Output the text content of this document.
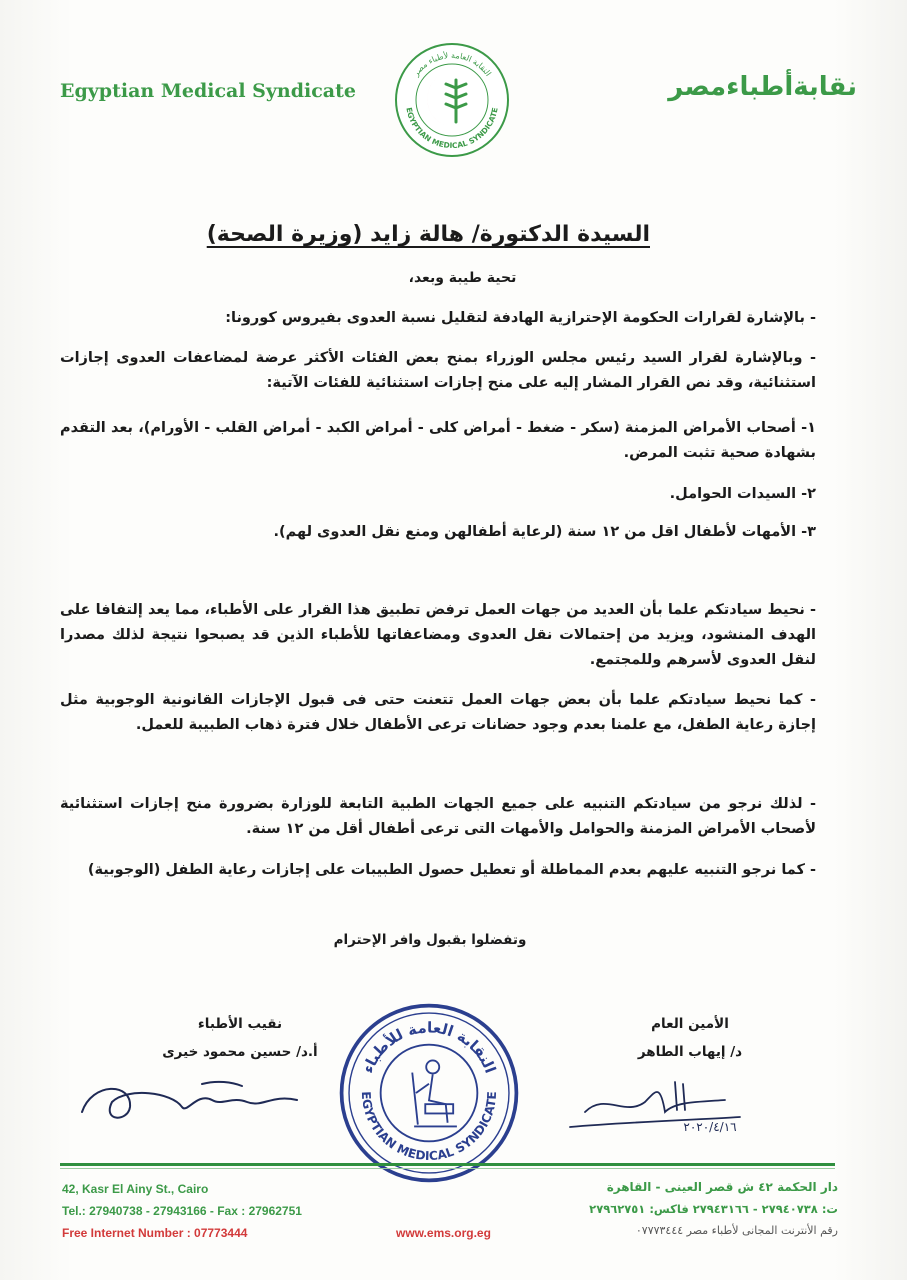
Egyptian Medical Syndicate
النقابة العامة لأطباء مصر
EGYPTIAN MEDICAL SYNDICATE
نقابةأطباءمصر
السيدة الدكتورة/ هالة زايد (وزيرة الصحة)
تحية طيبة وبعد،
- بالإشارة لقرارات الحكومة الإحترازية الهادفة لتقليل نسبة العدوى بفيروس كورونا:
- وبالإشارة لقرار السيد رئيس مجلس الوزراء بمنح بعض الفئات الأكثر عرضة لمضاعفات العدوى إجازات استثنائية، وقد نص القرار المشار إليه على منح إجازات استثنائية للفئات الآتية:
١- أصحاب الأمراض المزمنة (سكر - ضغط - أمراض كلى - أمراض الكبد - أمراض القلب - الأورام)، بعد التقدم بشهادة صحية تثبت المرض.
٢- السيدات الحوامل.
٣- الأمهات لأطفال اقل من ١٢ سنة (لرعاية أطفالهن ومنع نقل العدوى لهم).
- نحيط سيادتكم علما بأن العديد من جهات العمل ترفض تطبيق هذا القرار على الأطباء، مما يعد إلتفافا على الهدف المنشود، ويزيد من إحتمالات نقل العدوى ومضاعفاتها للأطباء الذين قد يصبحوا نتيجة لذلك مصدرا لنقل العدوى لأسرهم وللمجتمع.
- كما نحيط سيادتكم علما بأن بعض جهات العمل تتعنت حتى فى قبول الإجازات القانونية الوجوبية مثل إجازة رعاية الطفل، مع علمنا بعدم وجود حضانات ترعى الأطفال خلال فترة ذهاب الطبيبة للعمل.
- لذلك نرجو من سيادتكم التنبيه على جميع الجهات الطبية التابعة للوزارة بضرورة منح إجازات استثنائية لأصحاب الأمراض المزمنة والحوامل والأمهات التى ترعى أطفال أقل من ١٢ سنة.
- كما نرجو التنبيه عليهم بعدم المماطلة أو تعطيل حصول الطبيبات على إجازات رعاية الطفل (الوجوبية)
وتفضلوا بقبول وافر الإحترام
نقيب الأطباء
أ.د/ حسين محمود خيرى
الأمين العام
د/ إيهاب الطاهر
٢٠٢٠/٤/١٦
النقابة العامة للأطباء
EGYPTIAN MEDICAL SYNDICATE
42, Kasr El Ainy St., Cairo
Tel.: 27940738 - 27943166 - Fax : 27962751
Free Internet Number : 07773444	www.ems.org.eg
دار الحكمة ٤٢ ش قصر العينى - القاهرة
ت: ٢٧٩٤٠٧٣٨ - ٢٧٩٤٣١٦٦ فاكس: ٢٧٩٦٢٧٥١
رقم الأنترنت المجانى لأطباء مصر ٠٧٧٧٣٤٤٤
